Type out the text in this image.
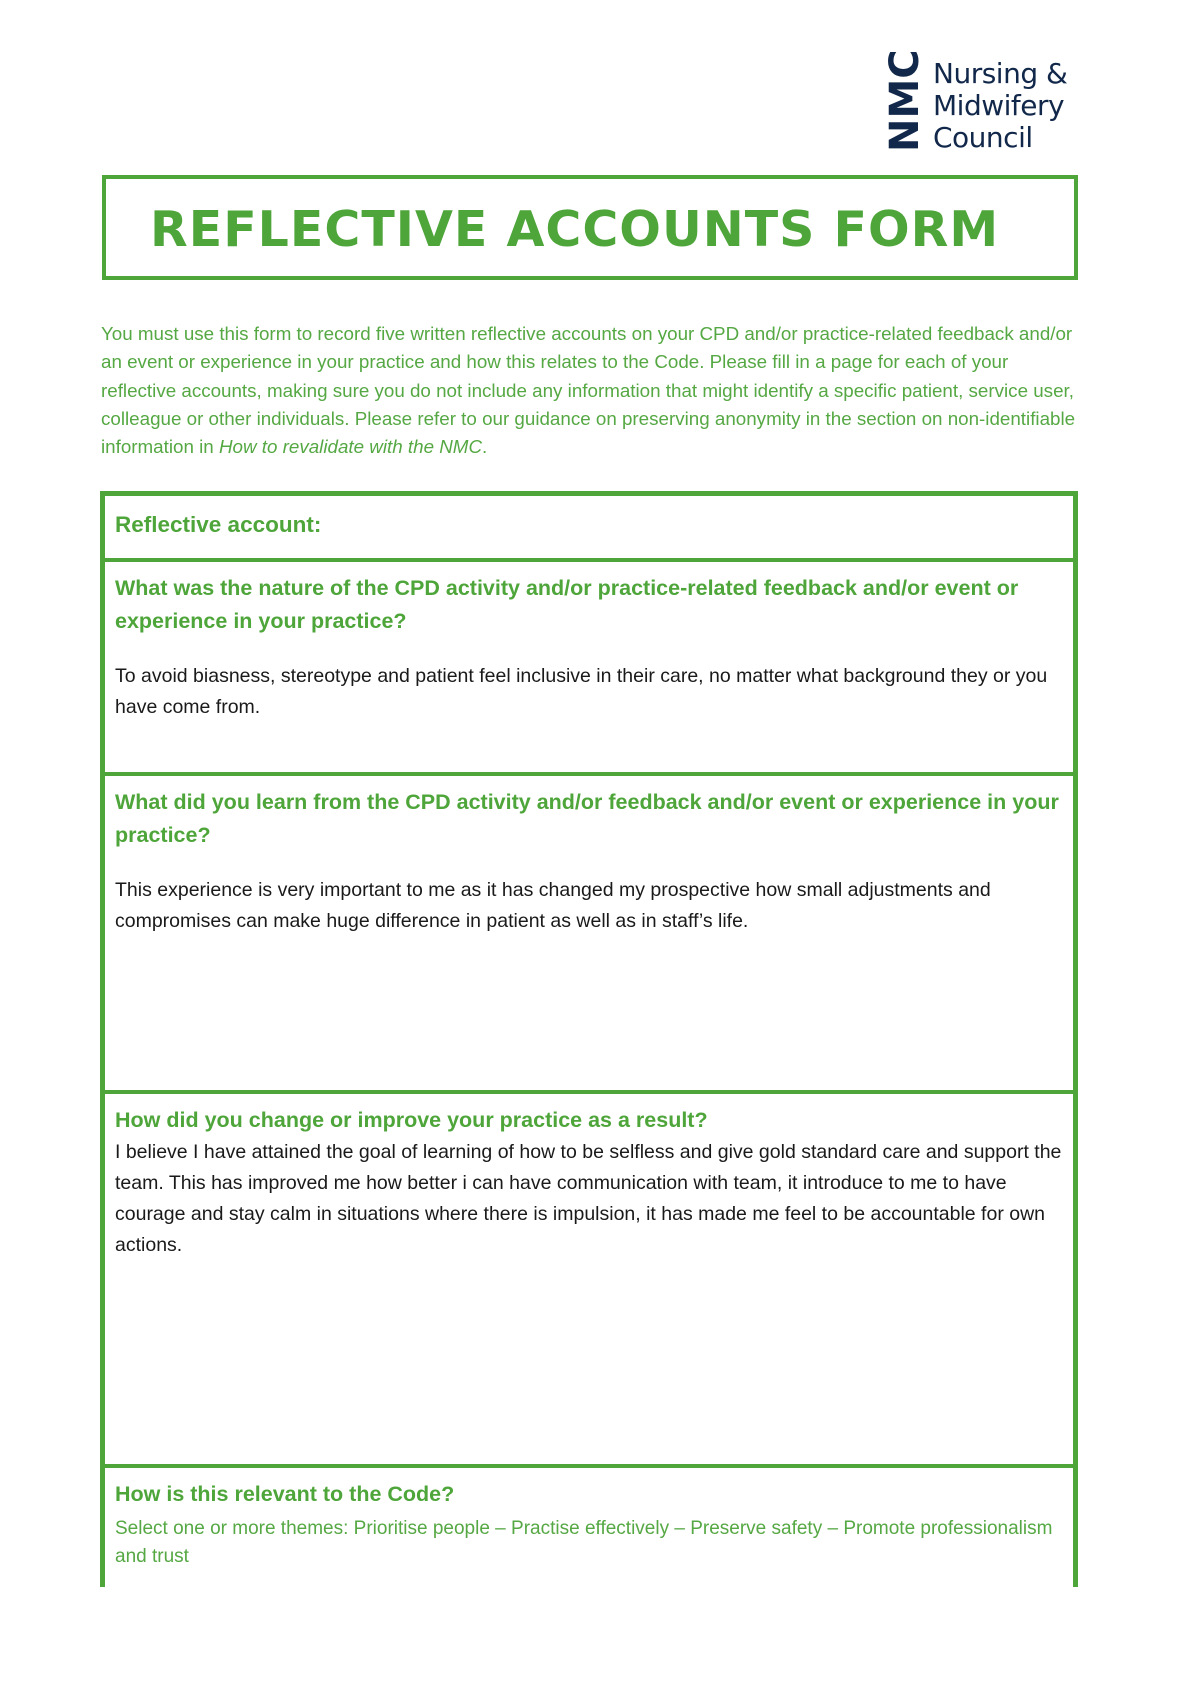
NMC Nursing &
Midwifery
Council
REFLECTIVE ACCOUNTS FORM

You must use this form to record five written reflective accounts on your CPD and/or practice-related feedback and/or an event or experience in your practice and how this relates to the Code. Please fill in a page for each of your reflective accounts, making sure you do not include any information that might identify a specific patient, service user, colleague or other individuals. Please refer to our guidance on preserving anonymity in the section on non-identifiable information in How to revalidate with the NMC.

Reflective account:

What was the nature of the CPD activity and/or practice-related feedback and/or event or experience in your practice?

To avoid biasness, stereotype and patient feel inclusive in their care, no matter what background they or you have come from.

What did you learn from the CPD activity and/or feedback and/or event or experience in your practice?

This experience is very important to me as it has changed my prospective how small adjustments and compromises can make huge difference in patient as well as in staff’s life.

How did you change or improve your practice as a result?

I believe I have attained the goal of learning of how to be selfless and give gold standard care and support the team. This has improved me how better i can have communication with team, it introduce to me to have courage and stay calm in situations where there is impulsion, it has made me feel to be accountable for own actions.

How is this relevant to the Code?

Select one or more themes: Prioritise people – Practise effectively – Preserve safety – Promote professionalism and trust
